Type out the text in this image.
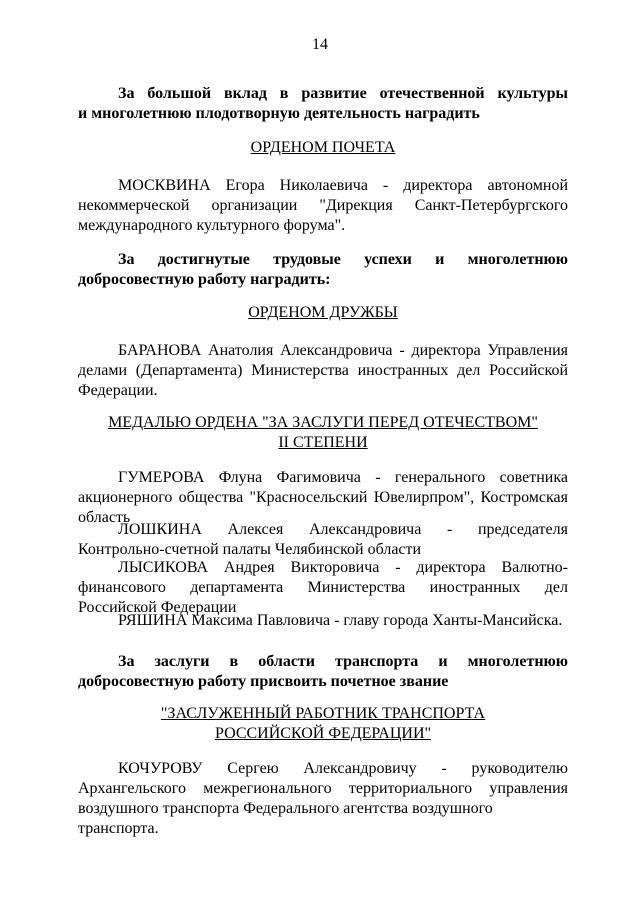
14
За большой вклад в развитие отечественной культуры
и многолетнюю плодотворную деятельность наградить
ОРДЕНОМ ПОЧЕТА
МОСКВИНА Егора Николаевича - директора автономной
некоммерческой организации "Дирекция Санкт-Петербургского
международного культурного форума".
За достигнутые трудовые успехи и многолетнюю
добросовестную работу наградить:
ОРДЕНОМ ДРУЖБЫ
БАРАНОВА Анатолия Александровича - директора Управления
делами (Департамента) Министерства иностранных дел Российской
Федерации.
МЕДАЛЬЮ ОРДЕНА "ЗА ЗАСЛУГИ ПЕРЕД ОТЕЧЕСТВОМ"
II СТЕПЕНИ
ГУМЕРОВА Флуна Фагимовича - генерального советника
акционерного общества "Красносельский Ювелирпром", Костромская
область
ЛОШКИНА Алексея Александровича - председателя
Контрольно-счетной палаты Челябинской области
ЛЫСИКОВА Андрея Викторовича - директора Валютно-
финансового департамента Министерства иностранных дел
Российской Федерации
РЯШИНА Максима Павловича - главу города Ханты-Мансийска.
За заслуги в области транспорта и многолетнюю
добросовестную работу присвоить почетное звание
"ЗАСЛУЖЕННЫЙ РАБОТНИК ТРАНСПОРТА
РОССИЙСКОЙ ФЕДЕРАЦИИ"
КОЧУРОВУ Сергею Александровичу - руководителю
Архангельского межрегионального территориального управления
воздушного транспорта Федерального агентства воздушного транспорта.
